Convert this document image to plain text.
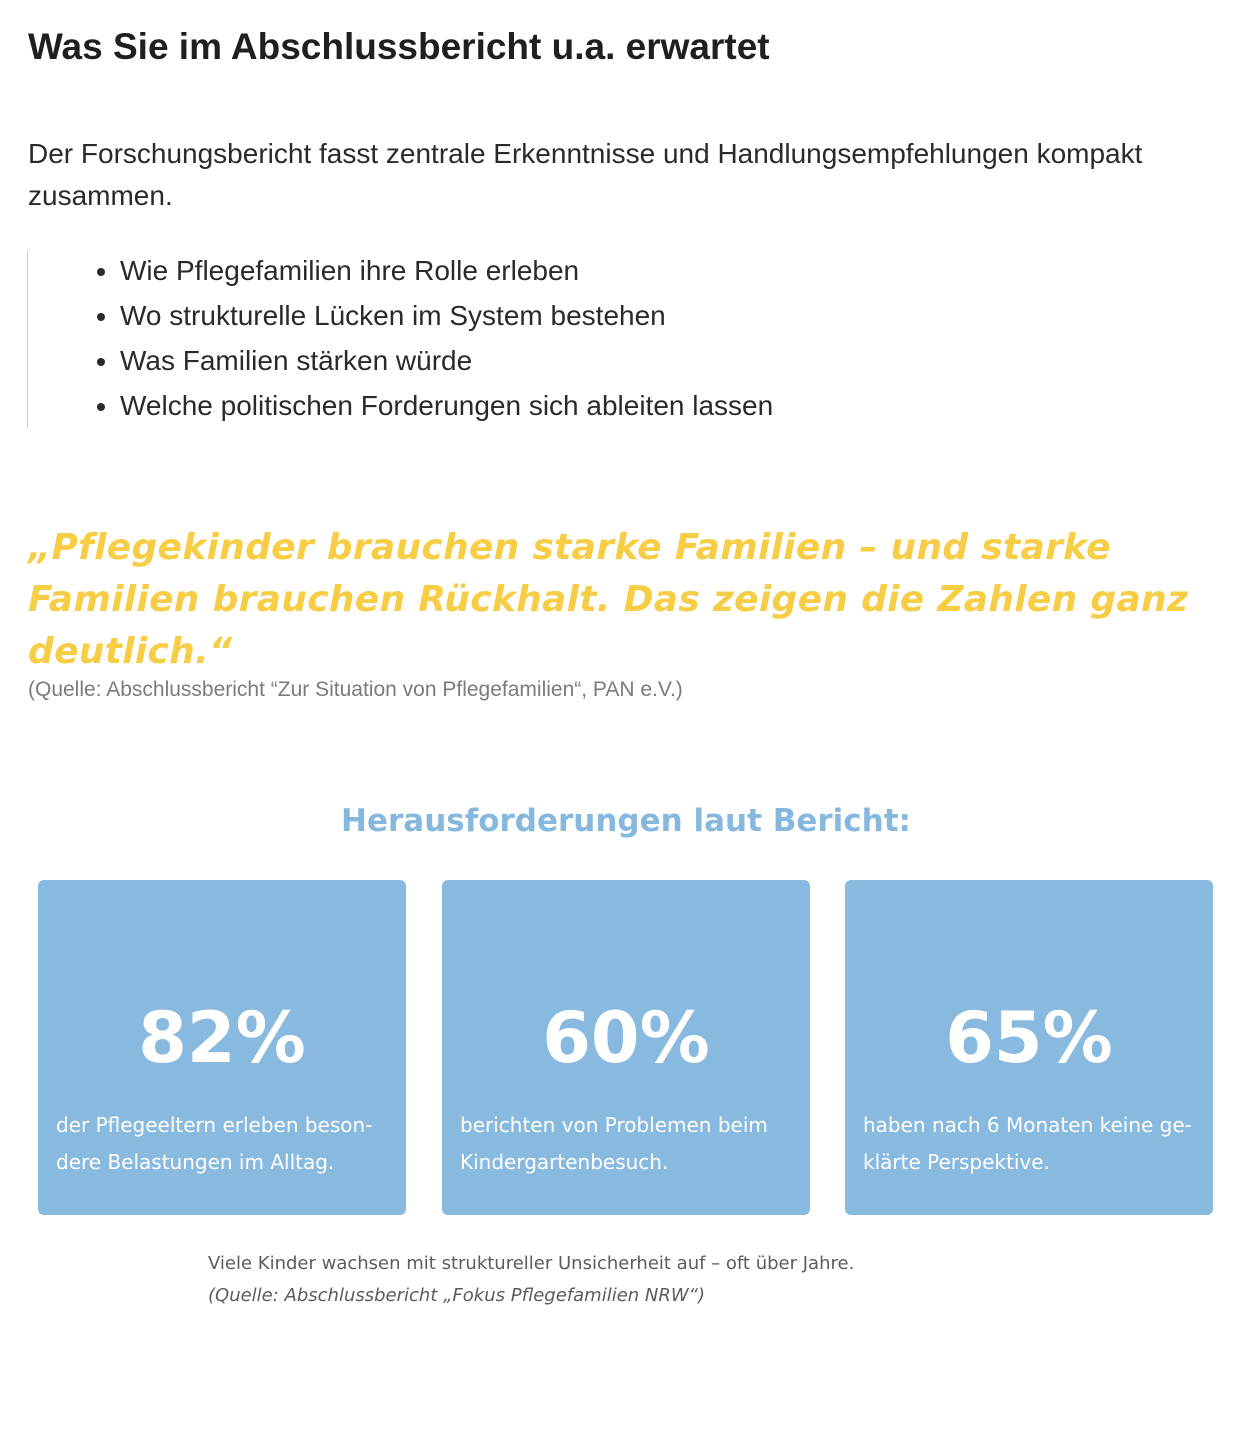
Was Sie im Abschlussbericht u.a. erwartet

Der Forschungsbericht fasst zentrale Erkenntnisse und Handlungsempfehlungen kompakt zusammen.

• Wie Pflegefamilien ihre Rolle erleben
• Wo strukturelle Lücken im System bestehen
• Was Familien stärken würde
• Welche politischen Forderungen sich ableiten lassen

„Pflegekinder brauchen starke Familien – und starke Familien brauchen Rückhalt. Das zeigen die Zahlen ganz deutlich.“

(Quelle: Abschlussbericht “Zur Situation von Pflegefamilien“, PAN e.V.)

Herausforderungen laut Bericht:
82%
der Pflegeeltern erleben beson-dere Belastungen im Alltag.
60%
berichten von Problemen beim Kindergartenbesuch.
65%
haben nach 6 Monaten keine ge-klärte Perspektive.

Viele Kinder wachsen mit struktureller Unsicherheit auf – oft über Jahre.

(Quelle: Abschlussbericht „Fokus Pflegefamilien NRW“)
